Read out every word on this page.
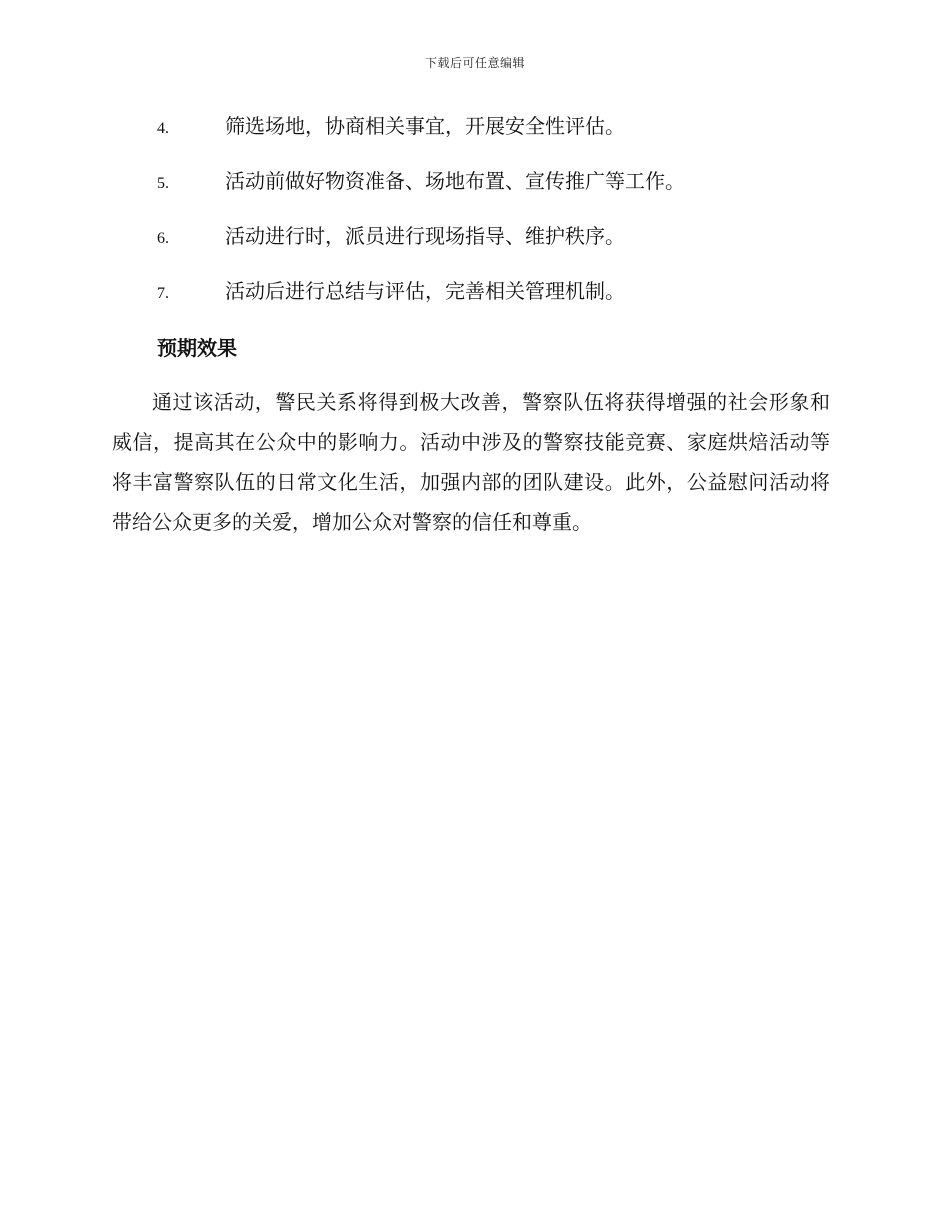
下载后可任意编辑
4.	筛选场地，协商相关事宜，开展安全性评估。
5.	活动前做好物资准备、场地布置、宣传推广等工作。
6.	活动进行时，派员进行现场指导、维护秩序。
7.	活动后进行总结与评估，完善相关管理机制。
预期效果

通过该活动，警民关系将得到极大改善，警察队伍将获得增强的社会形象和威信，提高其在公众中的影响力。活动中涉及的警察技能竞赛、家庭烘焙活动等将丰富警察队伍的日常文化生活，加强内部的团队建设。此外，公益慰问活动将带给公众更多的关爱，增加公众对警察的信任和尊重。
